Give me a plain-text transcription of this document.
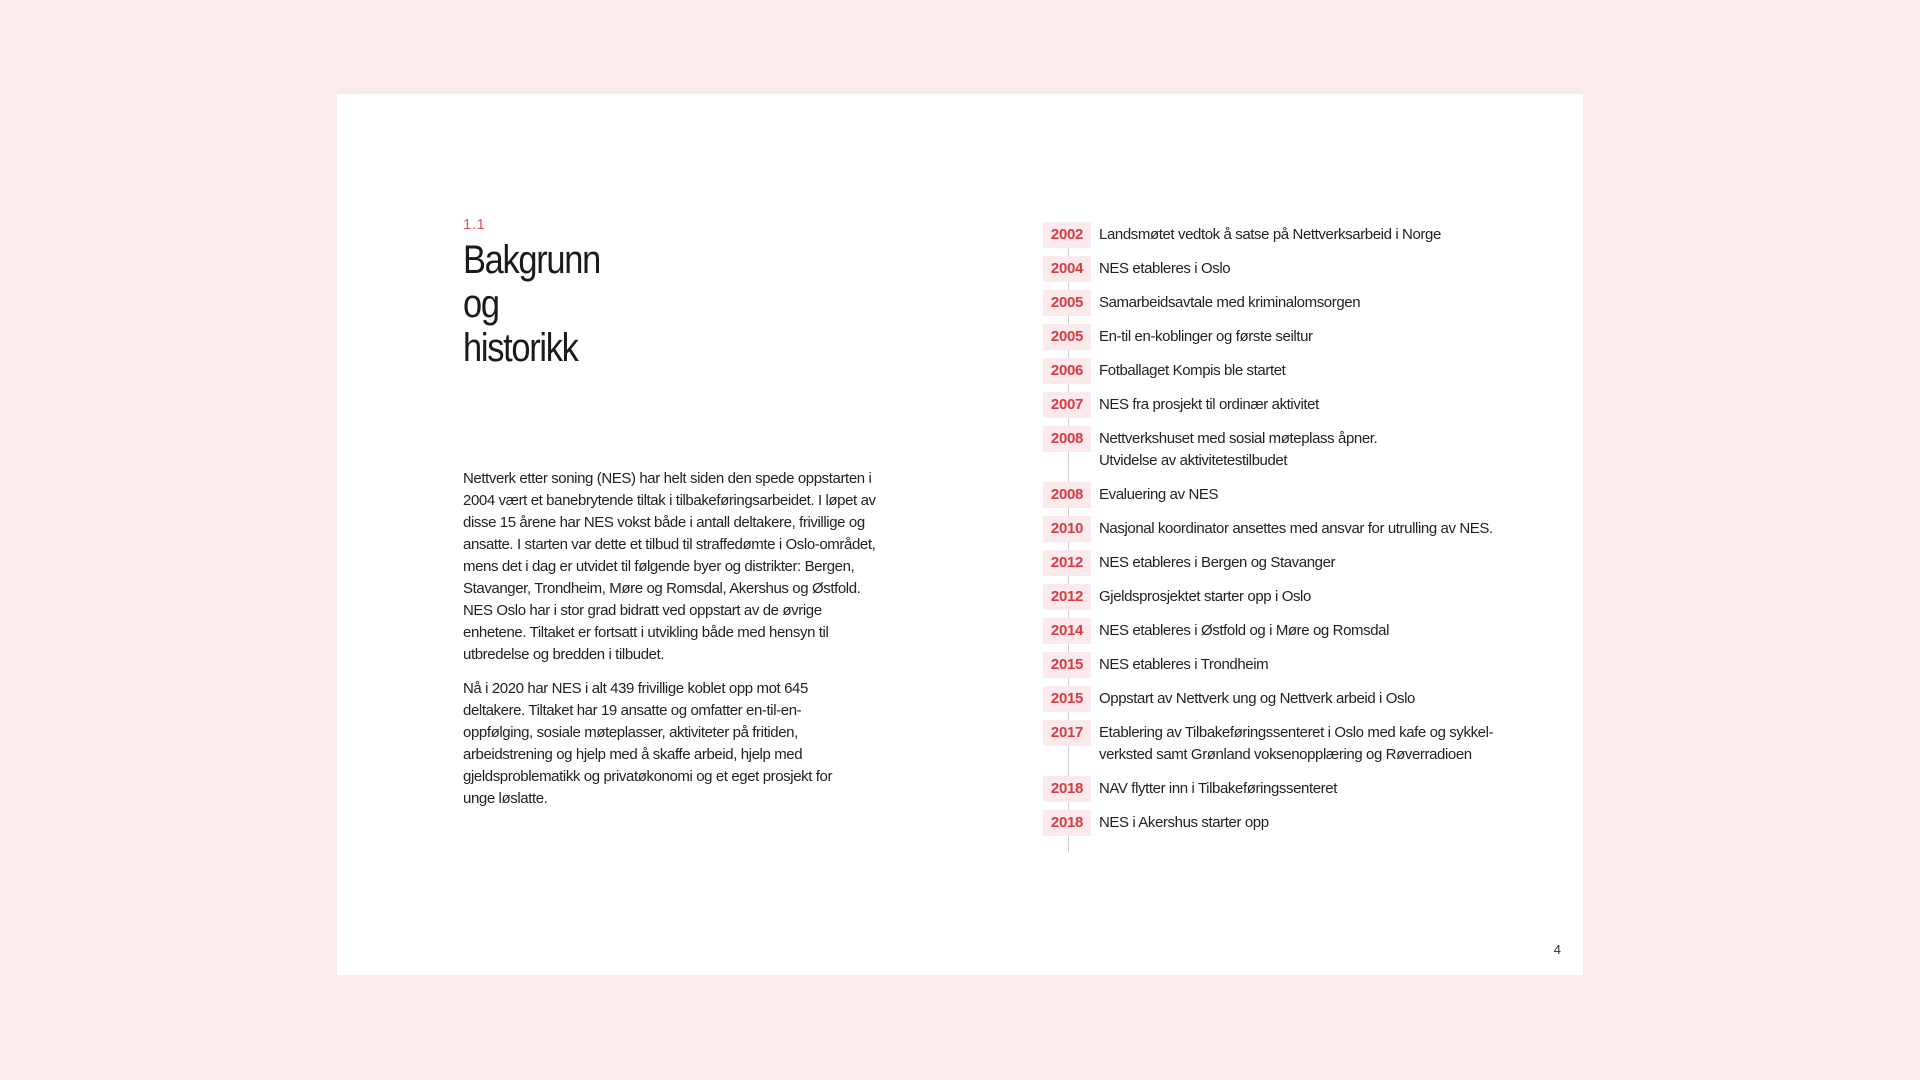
1.1
Bakgrunn og
historikk

Nettverk etter soning (NES) har helt siden den spede oppstarten i 2004 vært et banebrytende tiltak i tilbakeføringsarbeidet. I løpet av disse 15 årene har NES vokst både i antall deltakere, frivillige og ansatte. I starten var dette et tilbud til straffedømte i Oslo-området, mens det i dag er utvidet til følgende byer og distrikter: Bergen, Stavanger, Trondheim, Møre og Romsdal, Akershus og Østfold. NES Oslo har i stor grad bidratt ved oppstart av de øvrige enhetene. Tiltaket er fortsatt i utvikling både med hensyn til utbredelse og bredden i tilbudet.

Nå i 2020 har NES i alt 439 frivillige koblet opp mot 645 deltakere. Tiltaket har 19 ansatte og omfatter en-til-en-oppfølging, sosiale møteplasser, aktiviteter på fritiden, arbeidstrening og hjelp med å skaffe arbeid, hjelp med gjeldsproblematikk og privatøkonomi og et eget prosjekt for unge løslatte.

2002	Landsmøtet vedtok å satse på Nettverksarbeid i Norge
2004	NES etableres i Oslo
2005	Samarbeidsavtale med kriminalomsorgen
2005	En-til en-koblinger og første seiltur
2006	Fotballaget Kompis ble startet
2007	NES fra prosjekt til ordinær aktivitet
2008	Nettverkshuset med sosial møteplass åpner.
Utvidelse av aktivitetestilbudet
2008	Evaluering av NES
2010	Nasjonal koordinator ansettes med ansvar for utrulling av NES.
2012	NES etableres i Bergen og Stavanger
2012	Gjeldsprosjektet starter opp i Oslo
2014	NES etableres i Østfold og i Møre og Romsdal
2015	NES etableres i Trondheim
2015	Oppstart av Nettverk ung og Nettverk arbeid i Oslo
2017	Etablering av Tilbakeføringssenteret i Oslo med kafe og sykkel-
verksted samt Grønland voksenopplæring og Røverradioen
2018	NAV flytter inn i Tilbakeføringssenteret
2018	NES i Akershus starter opp
4
